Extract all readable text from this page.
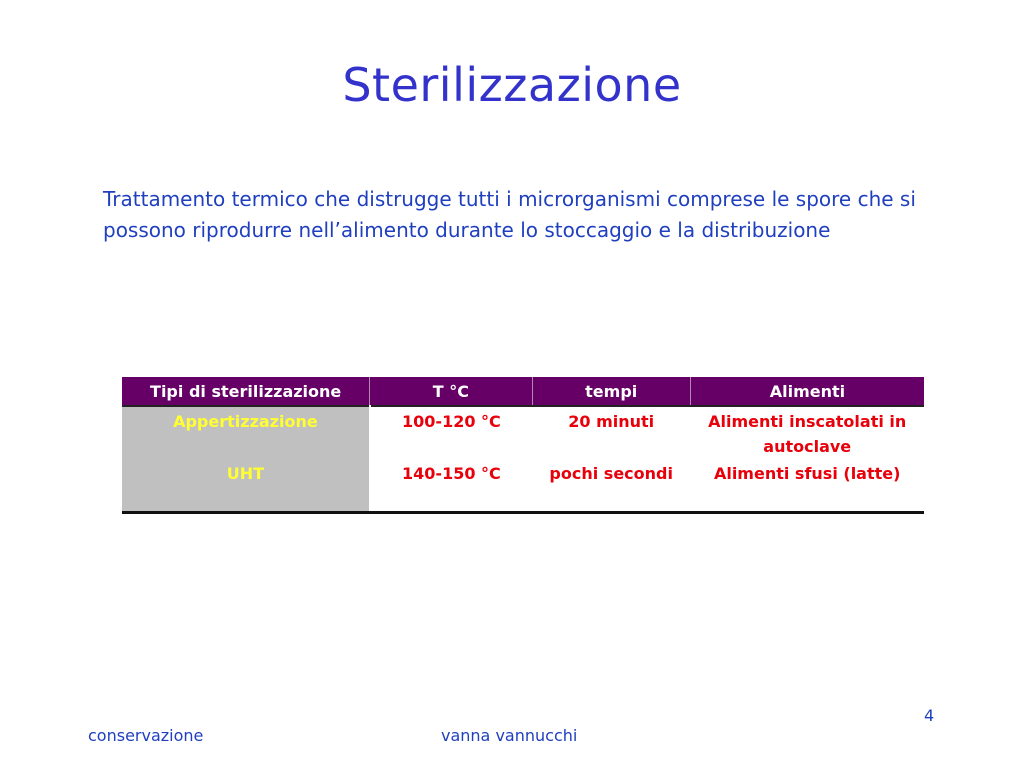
Sterilizzazione
Trattamento termico che distrugge tutti i microrganismi comprese le spore che si possono riprodurre nell’alimento durante lo stoccaggio e la distribuzione
Tipi di sterilizzazione	T °C	tempi	Alimenti
Appertizzazione	100-120 °C	20 minuti	Alimenti inscatolati in autoclave
UHT	140-150 °C	pochi secondi	Alimenti sfusi (latte)
4
conservazione	vanna vannucchi
